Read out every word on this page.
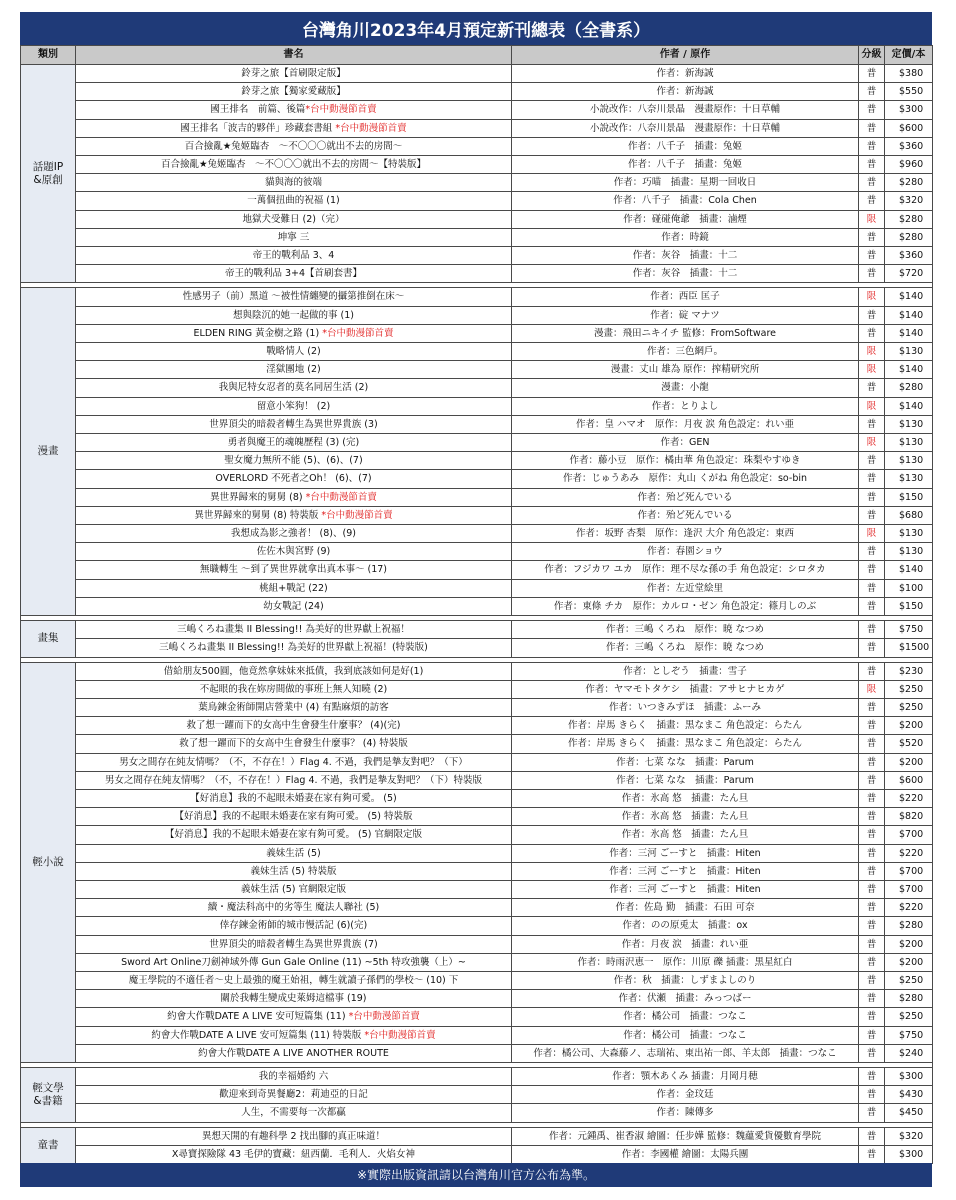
台灣角川2023年4月預定新刊總表（全書系）
類別	書名	作者 / 原作	分級	定價/本
話題IP
&原創	鈴芽之旅【首刷限定版】	作者：新海誠	普	$380
	鈴芽之旅【獨家愛藏版】	作者：新海誠	普	$550
	國王排名　前篇、後篇*台中動漫節首賣	小說改作：八奈川景晶　漫畫原作：十日草輔	普	$300
	國王排名「波吉的夥伴」珍藏套書組 *台中動漫節首賣	小說改作：八奈川景晶　漫畫原作：十日草輔	普	$600
	百合撿亂★兔姬臨杏　～不〇〇〇就出不去的房間～	作者：八千子　插畫：兔姬	普	$360
	百合撿亂★兔姬臨杏　～不〇〇〇就出不去的房間～【特裝版】	作者：八千子　插畫：兔姬	普	$960
	貓與海的彼端	作者：巧喵　插畫：星期一回收日	普	$280
	一萬個扭曲的祝福 (1)	作者：八千子　插畫：Cola Chen	普	$320
	地獄犬受難日 (2)（完）	作者：碰碰俺爺　插畫：滷煙	限	$280
	坤寧 三	作者：時鏡	普	$280
	帝王的戰利品 3、4	作者：灰谷　插畫：十二	普	$360
	帝王的戰利品 3+4【首刷套書】	作者：灰谷　插畫：十二	普	$720

漫畫	性感男子（前）黑道 ～被性情纏變的攝第推倒在床～	作者：西臣 匡子	限	$140
	想與陰沉的她一起做的事 (1)	作者：碇 マナツ	普	$140
	ELDEN RING 黃金樹之路 (1) *台中動漫節首賣	漫畫：飛田ニキイチ 監修：FromSoftware	普	$140
	戰略情人 (2)	作者：三色網戶。	限	$130
	淫獄團地 (2)	漫畫：丈山 雄為 原作：搾精研究所	限	$140
	我與尼特女忍者的莫名同居生活 (2)	漫畫：小龍	普	$280
	留意小笨狗！ (2)	作者：とりよし	限	$140
	世界頂尖的暗殺者轉生為異世界貴族 (3)	作者：皇 ハマオ　原作：月夜 涙 角色設定：れい亜	普	$130
	勇者與魔王的魂魄歷程 (3) (完)	作者：GEN	限	$130
	聖女魔力無所不能 (5)、(6)、(7)	作者：藤小豆　原作：橘由華 角色設定：珠梨やすゆき	普	$130
	OVERLORD 不死者之Oh！ (6)、(7)	作者：じゅうあみ　原作：丸山 くがね 角色設定：so-bin	普	$130
	異世界歸來的舅舅 (8) *台中動漫節首賣	作者：殆ど死んでいる	普	$150
	異世界歸來的舅舅 (8) 特裝版 *台中動漫節首賣	作者：殆ど死んでいる	普	$680
	我想成為影之強者！ (8)、(9)	作者：坂野 杏梨　原作：逢沢 大介 角色設定：東西	限	$130
	佐佐木與宮野 (9)	作者：春園ショウ	普	$130
	無職轉生 ～到了異世界就拿出真本事～ (17)	作者：フジカワ ユカ　原作：理不尽な孫の手 角色設定：シロタカ	普	$140
	桃組+戰記 (22)	作者：左近堂絵里	普	$100
	幼女戰記 (24)	作者：東條 チカ　原作：カルロ・ゼン 角色設定：篠月しのぶ	普	$150

畫集	三嶋くろね畫集 II Blessing!! 為美好的世界獻上祝福！	作者：三嶋 くろね　原作：暁 なつめ	普	$750
	三嶋くろね畫集 II Blessing!! 為美好的世界獻上祝福！(特裝版)	作者：三嶋 くろね　原作：暁 なつめ	普	$1500

輕小說	借給朋友500圓，他竟然拿妹妹來抵債，我到底該如何是好(1)	作者：としぞう　插畫：雪子	普	$230
	不起眼的我在妳房間做的事班上無人知曉 (2)	作者：ヤマモトタケシ　插畫：アサヒナヒカゲ	限	$250
	葉鳥鍊金術師開店營業中 (4) 有點麻煩的訪客	作者：いつきみずほ　插畫：ふーみ	普	$250
	救了想一躍而下的女高中生會發生什麼事？ (4)(完)	作者：岸馬 きらく　插畫：黒なまこ 角色設定：らたん	普	$200
	救了想一躍而下的女高中生會發生什麼事？ (4) 特裝版	作者：岸馬 きらく　插畫：黒なまこ 角色設定：らたん	普	$520
	男女之間存在純友情嗎？（不，不存在！）Flag 4. 不過，我們是摯友對吧？（下）	作者：七菜 なな　插畫：Parum	普	$200
	男女之間存在純友情嗎？（不，不存在！）Flag 4. 不過，我們是摯友對吧？（下）特裝版	作者：七菜 なな　插畫：Parum	普	$600
	【好消息】我的不起眼未婚妻在家有夠可愛。 (5)	作者：氷高 悠　插畫：たん旦	普	$220
	【好消息】我的不起眼未婚妻在家有夠可愛。 (5) 特裝版	作者：氷高 悠　插畫：たん旦	普	$820
	【好消息】我的不起眼未婚妻在家有夠可愛。 (5) 官網限定版	作者：氷高 悠　插畫：たん旦	普	$700
	義妹生活 (5)	作者：三河 ごーすと　插畫：Hiten	普	$220
	義妹生活 (5) 特裝版	作者：三河 ごーすと　插畫：Hiten	普	$700
	義妹生活 (5) 官網限定版	作者：三河 ごーすと　插畫：Hiten	普	$700
	續・魔法科高中的劣等生 魔法人聯社 (5)	作者：佐島 勤　插畫：石田 可奈	普	$220
	倖存鍊金術師的城市慢活記 (6)(完)	作者：のの原兎太　插畫：ox	普	$280
	世界頂尖的暗殺者轉生為異世界貴族 (7)	作者：月夜 涙　插畫：れい亜	普	$200
	Sword Art Online刀劍神域外傳 Gun Gale Online (11) ~5th 特攻強襲（上）~	作者：時雨沢恵一　原作：川原 礫 插畫：黒星紅白	普	$200
	魔王學院的不適任者～史上最強的魔王始祖，轉生就讀子孫們的學校～ (10) 下	作者：秋　插畫：しずまよしのり	普	$250
	關於我轉生變成史萊姆這檔事 (19)	作者：伏瀬　插畫：みっつばー	普	$280
	約會大作戰DATE A LIVE 安可短篇集 (11) *台中動漫節首賣	作者：橘公司　插畫：つなこ	普	$250
	約會大作戰DATE A LIVE 安可短篇集 (11) 特裝版 *台中動漫節首賣	作者：橘公司　插畫：つなこ	普	$750
	約會大作戰DATE A LIVE ANOTHER ROUTE	作者：橘公司、大森藤ノ、志瑞祐、東出祐一郎、羊太郎　插畫：つなこ	普	$240

輕文學
&書籍	我的幸福婚約 六	作者：顎木あくみ 插畫：月岡月穂	普	$300
	歡迎來到奇異餐廳2：莉迪亞的日記	作者：金玟廷	普	$430
	人生，不需要每一次都贏	作者：陳傳多	普	$450

童書	異想天開的有趣科學 2 找出腳的真正味道！	作者：元鍾禹、崔香淑 繪圖：任步嬅 監修：魏蘊愛貨優數育學院	普	$320
	X尋寶探險隊 43 毛伊的寶藏：紐西蘭．毛利人．火焰女神	作者：李國權 繪圖：太陽兵團	普	$300
※實際出版資訊請以台灣角川官方公布為準。
